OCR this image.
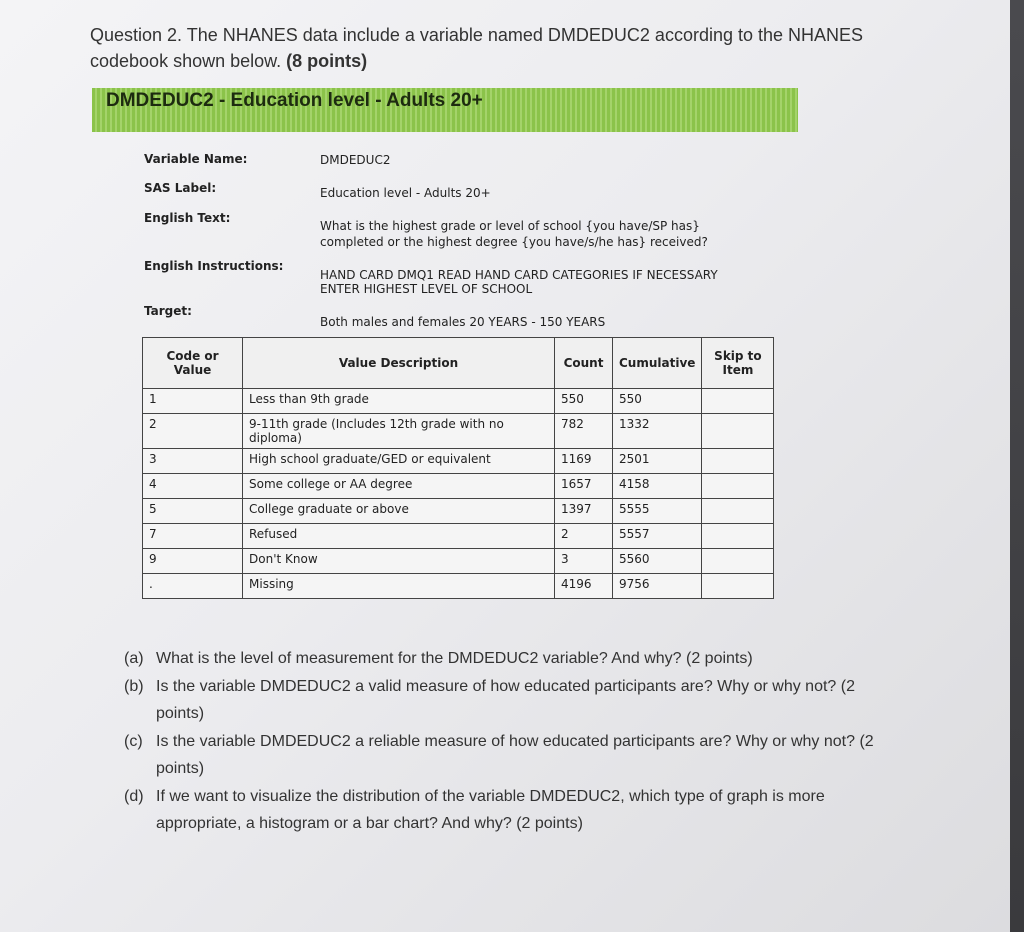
Question 2. The NHANES data include a variable named DMDEDUC2 according to the NHANES codebook shown below. (8 points)
DMDEDUC2 - Education level - Adults 20+
Variable Name:	DMDEDUC2
SAS Label:	Education level - Adults 20+
English Text:
What is the highest grade or level of school {you have/SP has} completed or the highest degree {you have/s/he has} received?
English Instructions:
HAND CARD DMQ1 READ HAND CARD CATEGORIES IF NECESSARY
ENTER HIGHEST LEVEL OF SCHOOL
Target:
Both males and females 20 YEARS - 150 YEARS
Code or Value	Value Description	Count	Cumulative	Skip to Item
1	Less than 9th grade	550	550	
2	9-11th grade (Includes 12th grade with no diploma)	782	1332	
3	High school graduate/GED or equivalent	1169	2501	
4	Some college or AA degree	1657	4158	
5	College graduate or above	1397	5555	
7	Refused	2	5557	
9	Don't Know	3	5560	
.	Missing	4196	9756	
(a) What is the level of measurement for the DMDEDUC2 variable? And why? (2 points)
(b) Is the variable DMDEDUC2 a valid measure of how educated participants are? Why or why not? (2 points)
(c) Is the variable DMDEDUC2 a reliable measure of how educated participants are? Why or why not? (2 points)
(d) If we want to visualize the distribution of the variable DMDEDUC2, which type of graph is more appropriate, a histogram or a bar chart? And why? (2 points)
